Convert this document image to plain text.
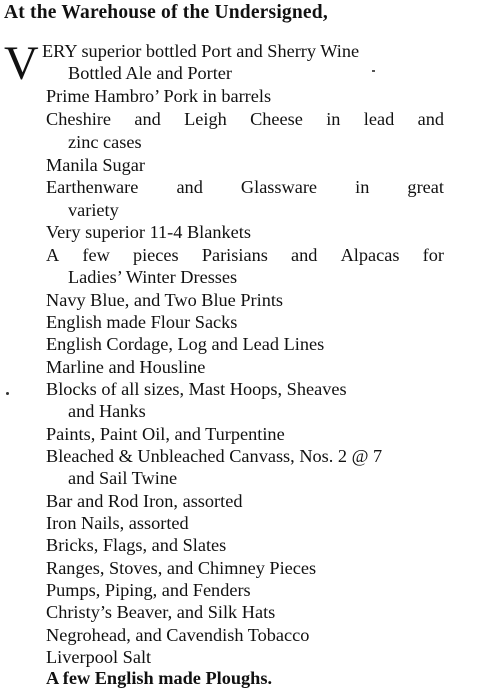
At the Warehouse of the Undersigned,
V ERY superior bottled Port and Sherry Wine
Bottled Ale and Porter
Prime Hambro’ Pork in barrels
Cheshire and Leigh Cheese in lead and
zinc cases
Manila Sugar
Earthenware and Glassware in great
variety
Very superior 11-4 Blankets
A few pieces Parisians and Alpacas for
Ladies’ Winter Dresses
Navy Blue, and Two Blue Prints
English made Flour Sacks
English Cordage, Log and Lead Lines
Marline and Housline
Blocks of all sizes, Mast Hoops, Sheaves
and Hanks
Paints, Paint Oil, and Turpentine
Bleached & Unbleached Canvass, Nos. 2 @ 7
and Sail Twine
Bar and Rod Iron, assorted
Iron Nails, assorted
Bricks, Flags, and Slates
Ranges, Stoves, and Chimney Pieces
Pumps, Piping, and Fenders
Christy’s Beaver, and Silk Hats
Negrohead, and Cavendish Tobacco
Liverpool Salt
A few English made Ploughs.
